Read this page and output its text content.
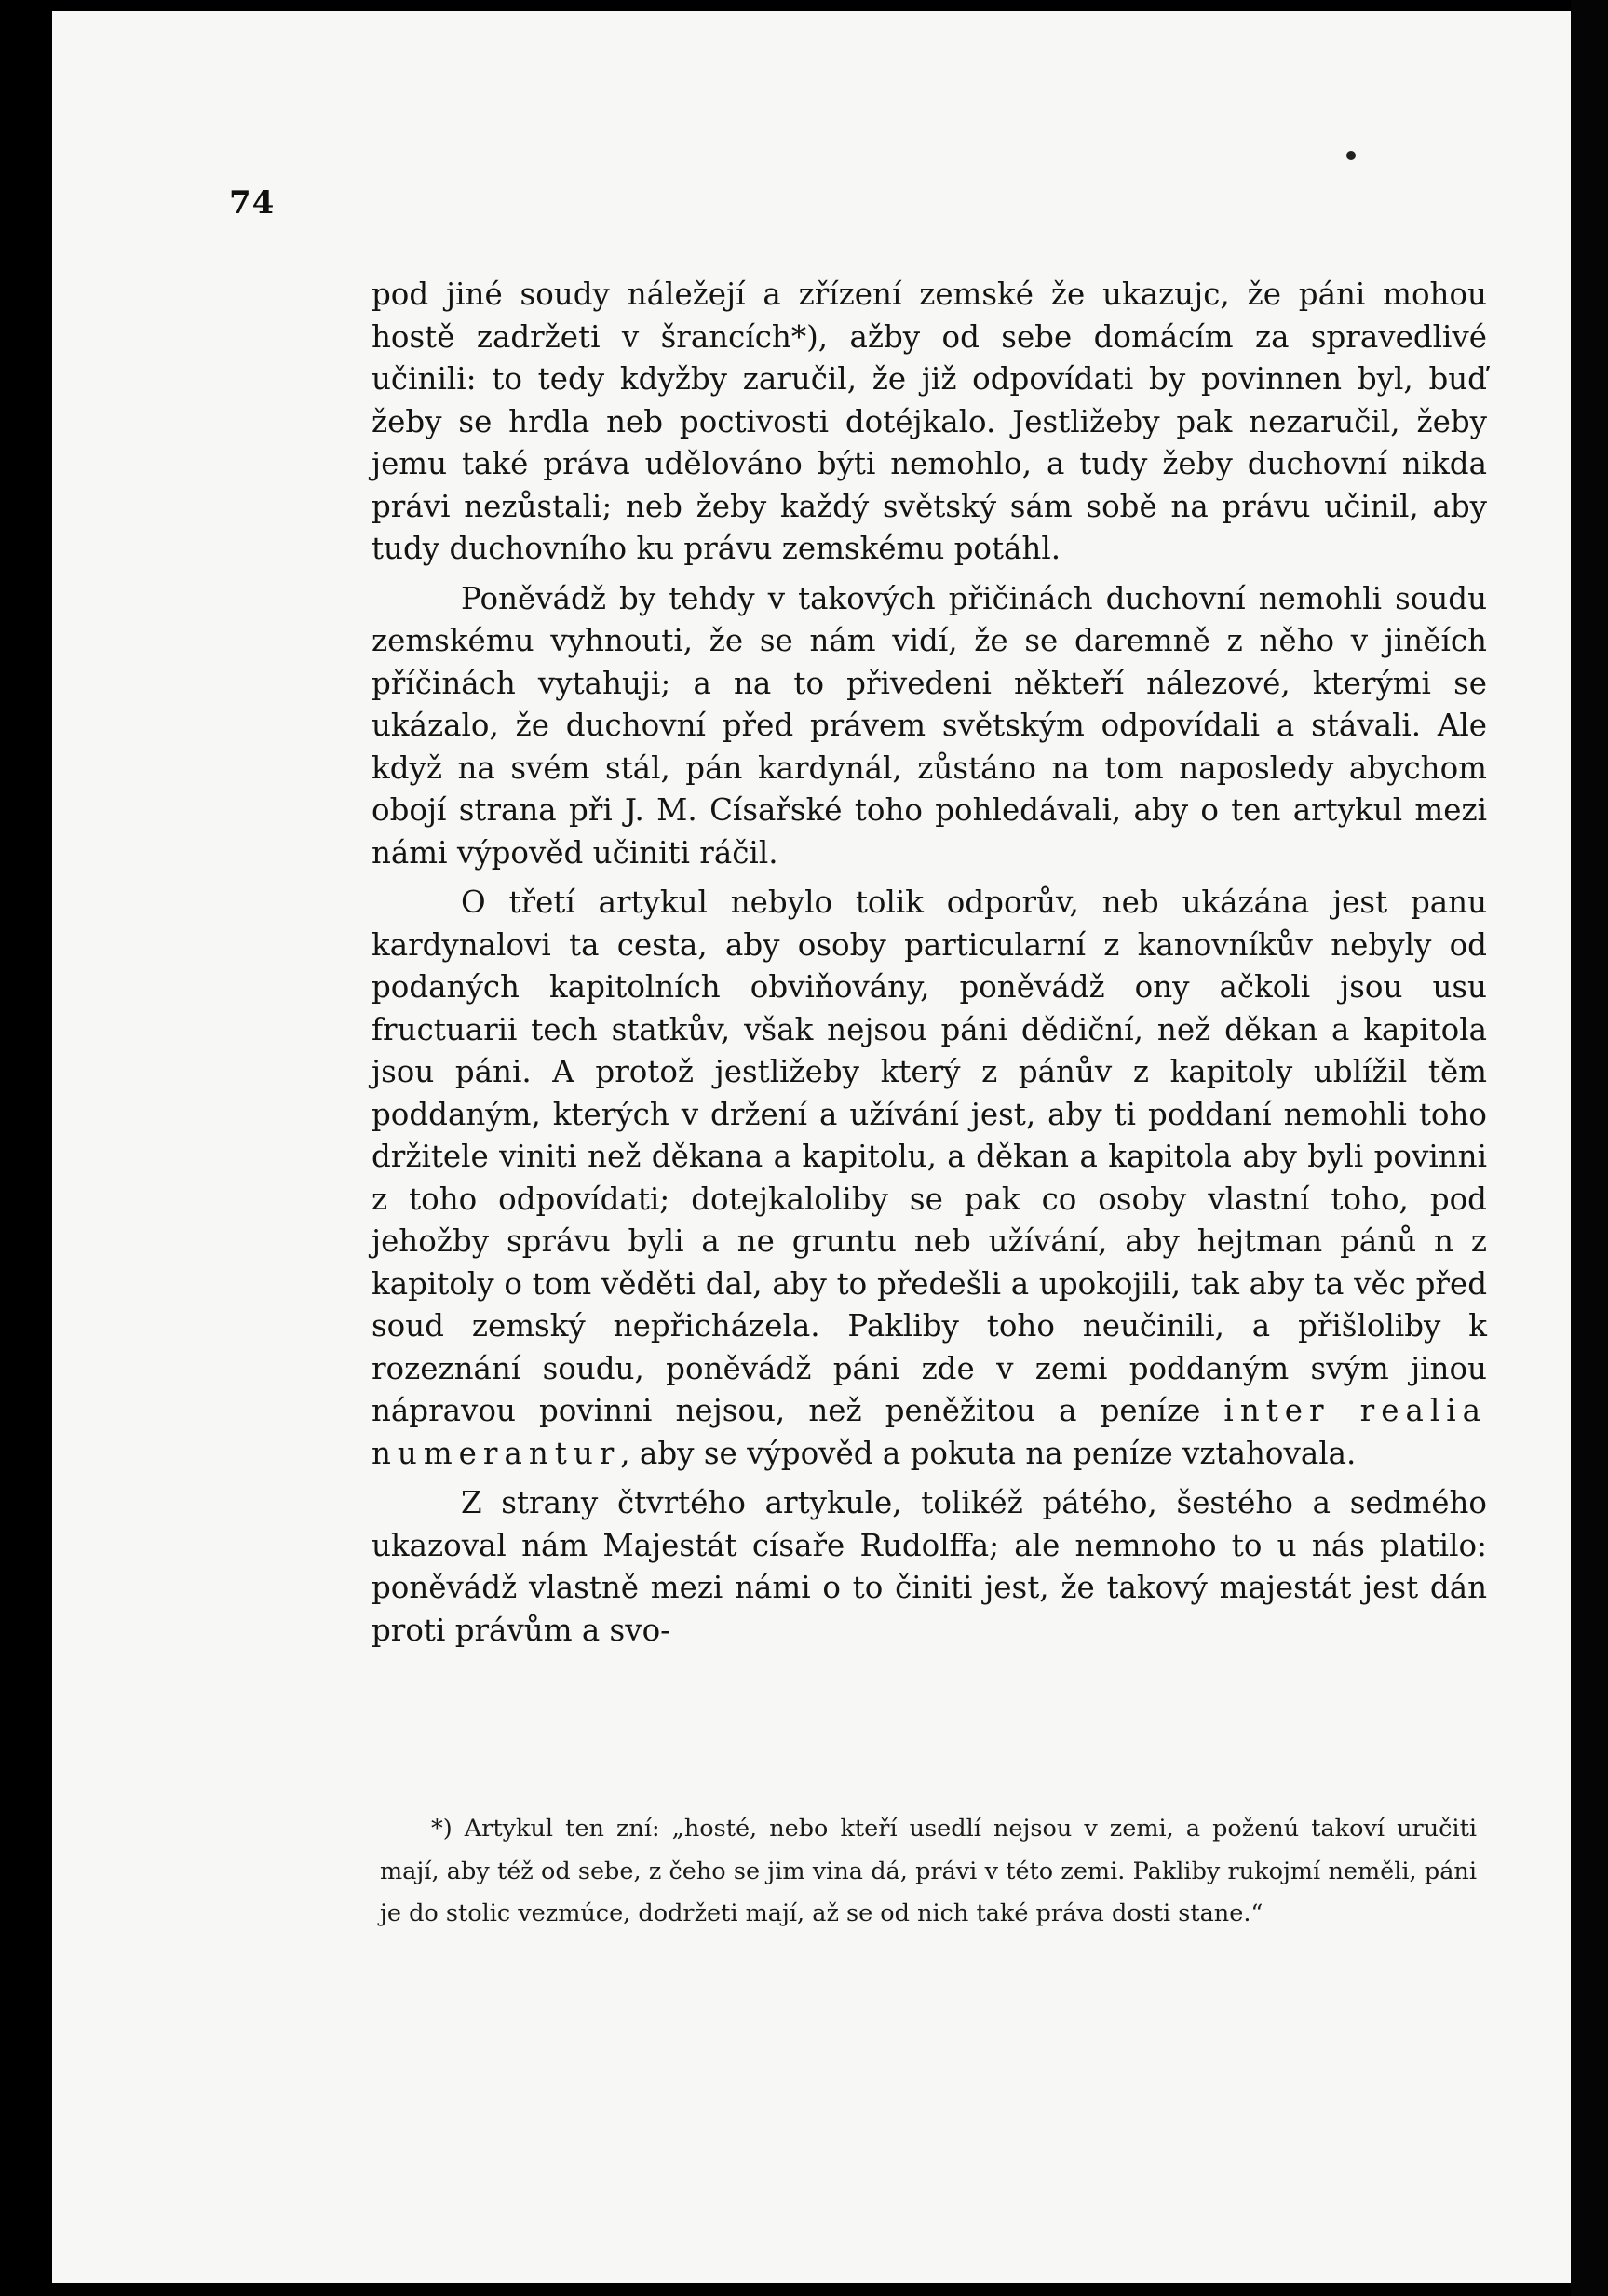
74

pod jiné soudy náležejí a zřízení zemské že ukazujc, že páni mohou hostě zadržeti v šrancích*), ažby od sebe domácím za spravedlivé učinili: to tedy kdyžby zaručil, že již odpovídati by povinnen byl, buď žeby se hrdla neb poctivosti dotéjkalo. Jestližeby pak nezaručil, žeby jemu také práva udělováno býti nemohlo, a tudy žeby duchovní nikda právi nezůstali; neb žeby každý světský sám sobě na právu učinil, aby tudy duchovního ku právu zemskému potáhl.

Poněvádž by tehdy v takových přičinách duchovní nemohli soudu zemskému vyhnouti, že se nám vidí, že se daremně z něho v jiněích příčinách vytahuji; a na to přivedeni někteří nálezové, kterými se ukázalo, že duchovní před právem světským odpovídali a stávali. Ale když na svém stál, pán kardynál, zůstáno na tom naposledy abychom obojí strana při J. M. Císařské toho pohledávali, aby o ten artykul mezi námi výpověd učiniti ráčil.

O třetí artykul nebylo tolik odporův, neb ukázána jest panu kardynalovi ta cesta, aby osoby particularní z kanovníkův nebyly od podaných kapitolních obviňovány, poněvádž ony ačkoli jsou usu fructuarii tech statkův, však nejsou páni dědiční, než děkan a kapitola jsou páni. A protož jestližeby který z pánův z kapitoly ublížil těm poddaným, kterých v držení a užívání jest, aby ti poddaní nemohli toho držitele viniti než děkana a kapitolu, a děkan a kapitola aby byli povinni z toho odpovídati; dotejkaloliby se pak co osoby vlastní toho, pod jehožby správu byli a ne gruntu neb užívání, aby hejtman pánů n z kapitoly o tom věděti dal, aby to předešli a upokojili, tak aby ta věc před soud zemský nepřicházela. Pakliby toho neučinili, a přišloliby k rozeznání soudu, poněvádž páni zde v zemi poddaným svým jinou nápravou povinni nejsou, než peněžitou a peníze inter realia numerantur, aby se výpověd a pokuta na peníze vztahovala.

Z strany čtvrtého artykule, tolikéž pátého, šestého a sedmého ukazoval nám Majestát císaře Rudolffa; ale nemnoho to u nás platilo: poněvádž vlastně mezi námi o to činiti jest, že takový majestát jest dán proti právům a svo-

*) Artykul ten zní: „hosté, nebo kteří usedlí nejsou v zemi, a poženú takoví uručiti mají, aby též od sebe, z čeho se jim vina dá, právi v této zemi. Pakliby rukojmí neměli, páni je do stolic vezmúce, dodržeti mají, až se od nich také práva dosti stane.“
